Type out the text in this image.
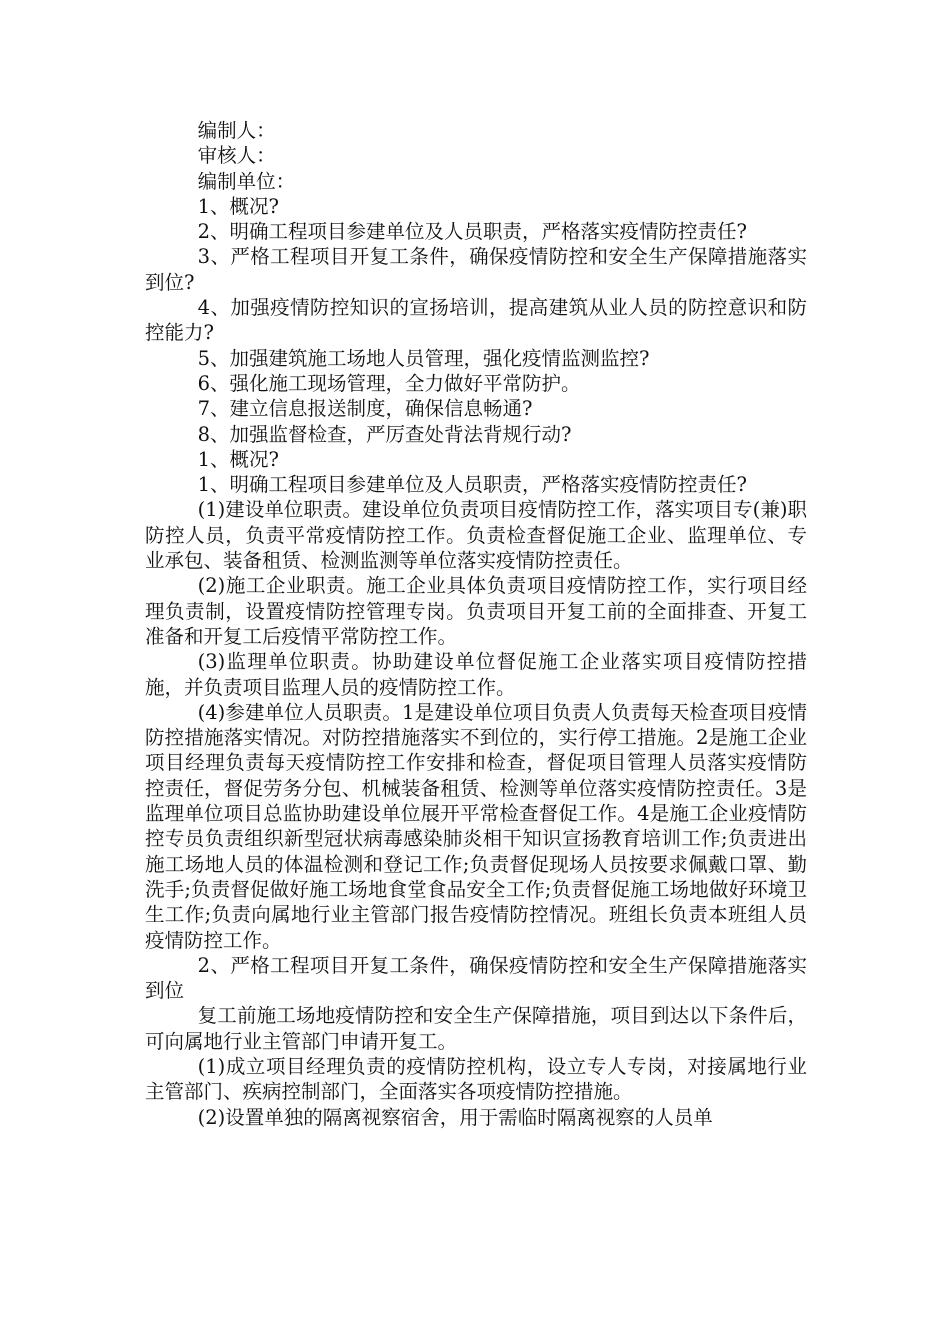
编制人：

审核人：

编制单位：

1、概况?

2、明确工程项目参建单位及人员职责，严格落实疫情防控责任?

3、严格工程项目开复工条件，确保疫情防控和安全生产保障措施落实到位?

4、加强疫情防控知识的宣扬培训，提高建筑从业人员的防控意识和防控能力?

5、加强建筑施工场地人员管理，强化疫情监测监控?

6、强化施工现场管理，全力做好平常防护。

7、建立信息报送制度，确保信息畅通?

8、加强监督检查，严厉查处背法背规行动?

1、概况?

1、明确工程项目参建单位及人员职责，严格落实疫情防控责任?

(1)建设单位职责。建设单位负责项目疫情防控工作，落实项目专(兼)职防控人员，负责平常疫情防控工作。负责检查督促施工企业、监理单位、专业承包、装备租赁、检测监测等单位落实疫情防控责任。

(2)施工企业职责。施工企业具体负责项目疫情防控工作，实行项目经理负责制，设置疫情防控管理专岗。负责项目开复工前的全面排查、开复工准备和开复工后疫情平常防控工作。

(3)监理单位职责。协助建设单位督促施工企业落实项目疫情防控措施，并负责项目监理人员的疫情防控工作。

(4)参建单位人员职责。1是建设单位项目负责人负责每天检查项目疫情防控措施落实情况。对防控措施落实不到位的，实行停工措施。2是施工企业项目经理负责每天疫情防控工作安排和检查，督促项目管理人员落实疫情防控责任，督促劳务分包、机械装备租赁、检测等单位落实疫情防控责任。3是监理单位项目总监协助建设单位展开平常检查督促工作。4是施工企业疫情防控专员负责组织新型冠状病毒感染肺炎相干知识宣扬教育培训工作;负责进出施工场地人员的体温检测和登记工作;负责督促现场人员按要求佩戴口罩、勤洗手;负责督促做好施工场地食堂食品安全工作;负责督促施工场地做好环境卫生工作;负责向属地行业主管部门报告疫情防控情况。班组长负责本班组人员疫情防控工作。

2、严格工程项目开复工条件，确保疫情防控和安全生产保障措施落实到位

复工前施工场地疫情防控和安全生产保障措施，项目到达以下条件后，可向属地行业主管部门申请开复工。

(1)成立项目经理负责的疫情防控机构，设立专人专岗，对接属地行业主管部门、疾病控制部门，全面落实各项疫情防控措施。

(2)设置单独的隔离视察宿舍，用于需临时隔离视察的人员单
